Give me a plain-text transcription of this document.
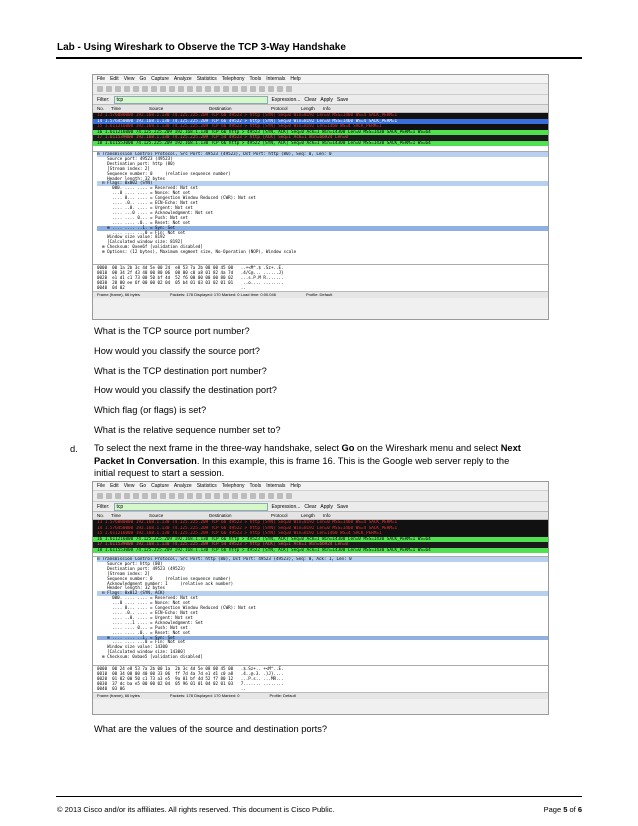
Lab - Using Wireshark to Observe the TCP 3-Way Handshake
File Edit View Go Capture Analyze Statistics Telephony Tools Internals Help
Filter:	tcp	Expression... Clear Apply Save
No.	Time	Source	Destination	Protocol	Length	Info
13 1.576080000 192.168.1.130 74.125.225.209 TCP 66 49523 > http [SYN] Seq=0 Win=8192 Len=0 MSS=1460 WS=4 SACK_PERM=1
14 1.576450000 192.168.1.130 74.125.225.209 TCP 66 49522 > http [SYN] Seq=0 Win=8192 Len=0 MSS=1460 WS=4 SACK_PERM=1
15 1.611216000 192.168.1.130 74.125.225.209 TCP 66 49523 > http [SYN] Seq=0 Win=8192 Len=1460 WS=4 SACK_PERM=1
16 1.611216000 74.125.225.209 192.168.1.130 TCP 66 http > 49523 [SYN, ACK] Seq=0 Ack=1 Win=14300 Len=0 MSS=1430 SACK_PERM=1 WS=64
17 1.611539000 192.168.1.130 74.125.225.209 TCP 54 49523 > http [ACK] Seq=1 Ack=1 Win=66924 Len=0
18 1.611553000 74.125.225.209 192.168.1.130 TCP 66 http > 49522 [SYN, ACK] Seq=0 Ack=1 Win=14300 Len=0 MSS=1430 SACK_PERM=1 WS=64
⊟ Transmission Control Protocol, Src Port: 49523 (49523), Dst Port: http (80), Seq: 0, Len: 0
Source port: 49523 (49523)
Destination port: http (80)
[Stream index: 2]
Sequence number: 0     (relative sequence number)
Header length: 32 bytes
⊟ Flags: 0x002 (SYN)
000. .... .... = Reserved: Not set
...0 .... .... = Nonce: Not set
.... 0... .... = Congestion Window Reduced (CWR): Not set
.... .0.. .... = ECN-Echo: Not set
.... ..0. .... = Urgent: Not set
.... ...0 .... = Acknowledgment: Not set
.... .... 0... = Push: Not set
.... .... .0.. = Reset: Not set
⊞ .... .... ..1. = Syn: Set
.... .... ...0 = Fin: Not set
Window size value: 8192
[Calculated window size: 8192]
⊞ Checksum: 0xee6f [validation disabled]
⊞ Options: (12 bytes), Maximum segment size, No-Operation (NOP), Window scale
0000  00 1a 2b 3c 4d 5e 00 24  e8 53 7a 2b 08 00 45 00   ..+<M^.$ .Sz+..E.
0010  00 34 2f 43 40 00 80 06  00 00 c0 a8 01 82 4a 7d   .4/C@... ......J}
0020  e1 d1 c1 73 00 50 bf 4d  52 f6 00 00 00 00 80 02   ...s.P.M R.......
0030  20 00 ee 6f 00 00 02 04  05 b4 01 03 03 02 01 01    ..o.... ........
0040  04 02                                              ..
Frame (frame), 66 bytes	Packets: 178 Displayed: 170 Marked: 0 Load time: 0:00.046	Profile: Default
What is the TCP source port number?
How would you classify the source port?
What is the TCP destination port number?
How would you classify the destination port?
Which flag (or flags) is set?
What is the relative sequence number set to?
d. To select the next frame in the three-way handshake, select Go on the Wireshark menu and select Next
Packet In Conversation. In this example, this is frame 16. This is the Google web server reply to the
initial request to start a session.
File Edit View Go Capture Analyze Statistics Telephony Tools Internals Help
Filter:	tcp	Expression... Clear Apply Save
No.	Time	Source	Destination	Protocol	Length	Info
13 1.576080000 192.168.1.130 74.125.225.209 TCP 66 49523 > http [SYN] Seq=0 Win=8192 Len=0 MSS=1460 WS=4 SACK_PERM=1
14 1.576450000 192.168.1.130 74.125.225.209 TCP 66 49522 > http [SYN] Seq=0 Win=8192 Len=0 MSS=1460 WS=4 SACK_PERM=1
15 1.611216000 192.168.1.130 74.125.225.209 TCP 66 49523 > http [SYN] Seq=0 Win=8192 Len=1460 WS=4 SACK_PERM=1
16 1.611216000 74.125.225.209 192.168.1.130 TCP 66 http > 49523 [SYN, ACK] Seq=0 Ack=1 Win=14300 Len=0 MSS=1430 SACK_PERM=1 WS=64
17 1.611539000 192.168.1.130 74.125.225.209 TCP 54 49523 > http [ACK] Seq=1 Ack=1 Win=66924 Len=0
18 1.611553000 74.125.225.209 192.168.1.130 TCP 66 http > 49522 [SYN, ACK] Seq=0 Ack=1 Win=14300 Len=0 MSS=1430 SACK_PERM=1 WS=64
⊟ Transmission Control Protocol, Src Port: http (80), Dst Port: 49523 (49523), Seq: 0, Ack: 1, Len: 0
Source port: http (80)
Destination port: 49523 (49523)
[Stream index: 2]
Sequence number: 0     (relative sequence number)
Acknowledgment number: 1     (relative ack number)
Header length: 32 bytes
⊟ Flags: 0x012 (SYN, ACK)
000. .... .... = Reserved: Not set
...0 .... .... = Nonce: Not set
.... 0... .... = Congestion Window Reduced (CWR): Not set
.... .0.. .... = ECN-Echo: Not set
.... ..0. .... = Urgent: Not set
.... ...1 .... = Acknowledgment: Set
.... .... 0... = Push: Not set
.... .... .0.. = Reset: Not set
⊞ .... .... ..1. = Syn: Set
.... .... ...0 = Fin: Not set
Window size value: 14300
[Calculated window size: 14300]
⊞ Checksum: 0xbae5 [validation disabled]
0000  00 24 e8 53 7a 2b 00 1a  2b 3c 4d 5e 08 00 45 00   .$.Sz+.. +<M^..E.
0010  00 34 00 00 40 00 33 06  ff 7d 4a 7d e1 d1 c0 a8   .4..@.3. .}J}....
0020  01 82 00 50 c1 73 a3 e5  9a 01 bf 4d 52 f7 80 12   ...P.s.. ...MR...
0030  37 dc ba e5 00 00 02 04  05 96 01 01 04 02 01 03   7....... ........
0040  03 06                                              ..
Frame (frame), 66 bytes	Packets: 178 Displayed: 170 Marked: 0	Profile: Default
What are the values of the source and destination ports?
© 2013 Cisco and/or its affiliates. All rights reserved. This document is Cisco Public.	Page 5 of 6
